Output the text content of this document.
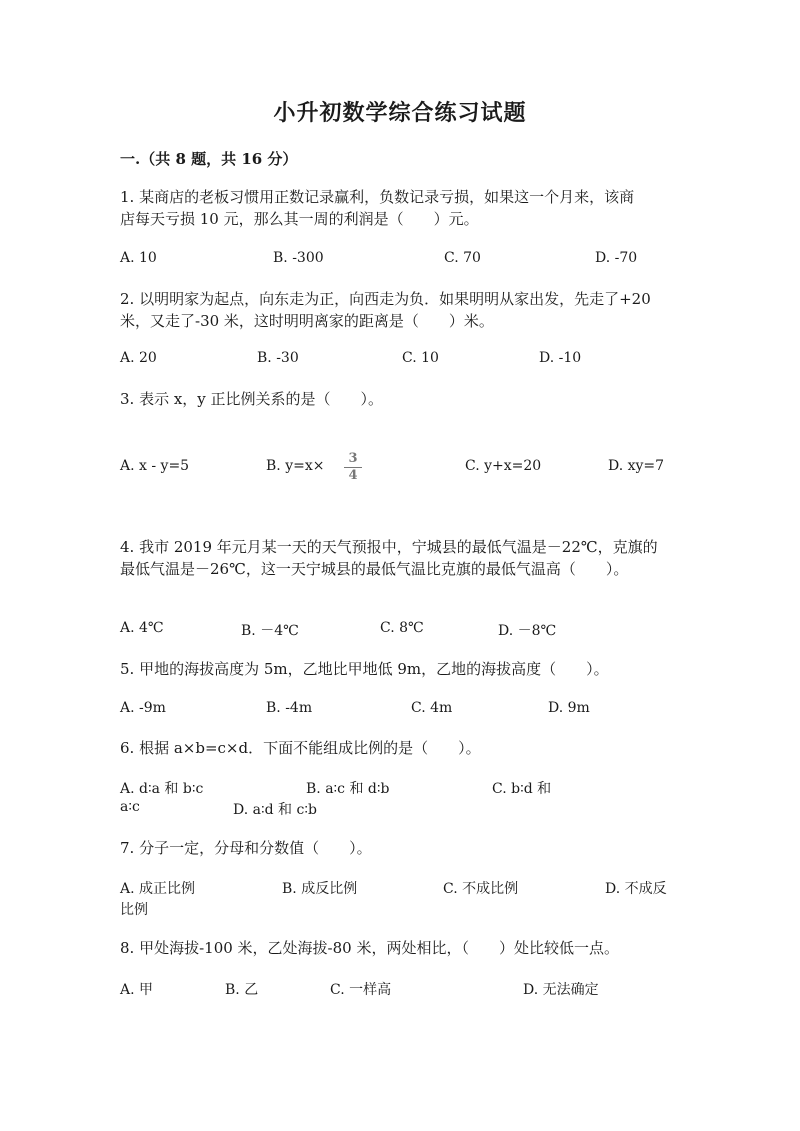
小升初数学综合练习试题
一.（共 8 题，共 16 分）
1. 某商店的老板习惯用正数记录赢利，负数记录亏损，如果这一个月来，该商
店每天亏损 10 元，那么其一周的利润是（　　）元。
A. 10	B. -300	C. 70	D. -70
2. 以明明家为起点，向东走为正，向西走为负．如果明明从家出发，先走了+20
米，又走了-30 米，这时明明离家的距离是（　　）米。
A. 20	B. -30	C. 10	D. -10
3. 表示 x，y 正比例关系的是（　　）。
A. x - y=5	B. y=x×	3
4
C. y+x=20	D. xy=7
4. 我市 2019 年元月某一天的天气预报中，宁城县的最低气温是－22℃，克旗的
最低气温是－26℃，这一天宁城县的最低气温比克旗的最低气温高（　　）。
A. 4℃	B. －4℃	C. 8℃	D. －8℃
5. 甲地的海拔高度为 5m，乙地比甲地低 9m，乙地的海拔高度（　　）。
A. -9m	B. -4m	C. 4m	D. 9m
6. 根据 a×b=c×d．下面不能组成比例的是（　　）。
A. d∶a 和 b∶c	B. a∶c 和 d∶b	C. b∶d 和
a∶c	D. a∶d 和 c∶b
7. 分子一定，分母和分数值（　　）。
A. 成正比例	B. 成反比例	C. 不成比例	D. 不成反
比例
8. 甲处海拔-100 米，乙处海拔-80 米，两处相比，（　　）处比较低一点。
A. 甲	B. 乙	C. 一样高	D. 无法确定
